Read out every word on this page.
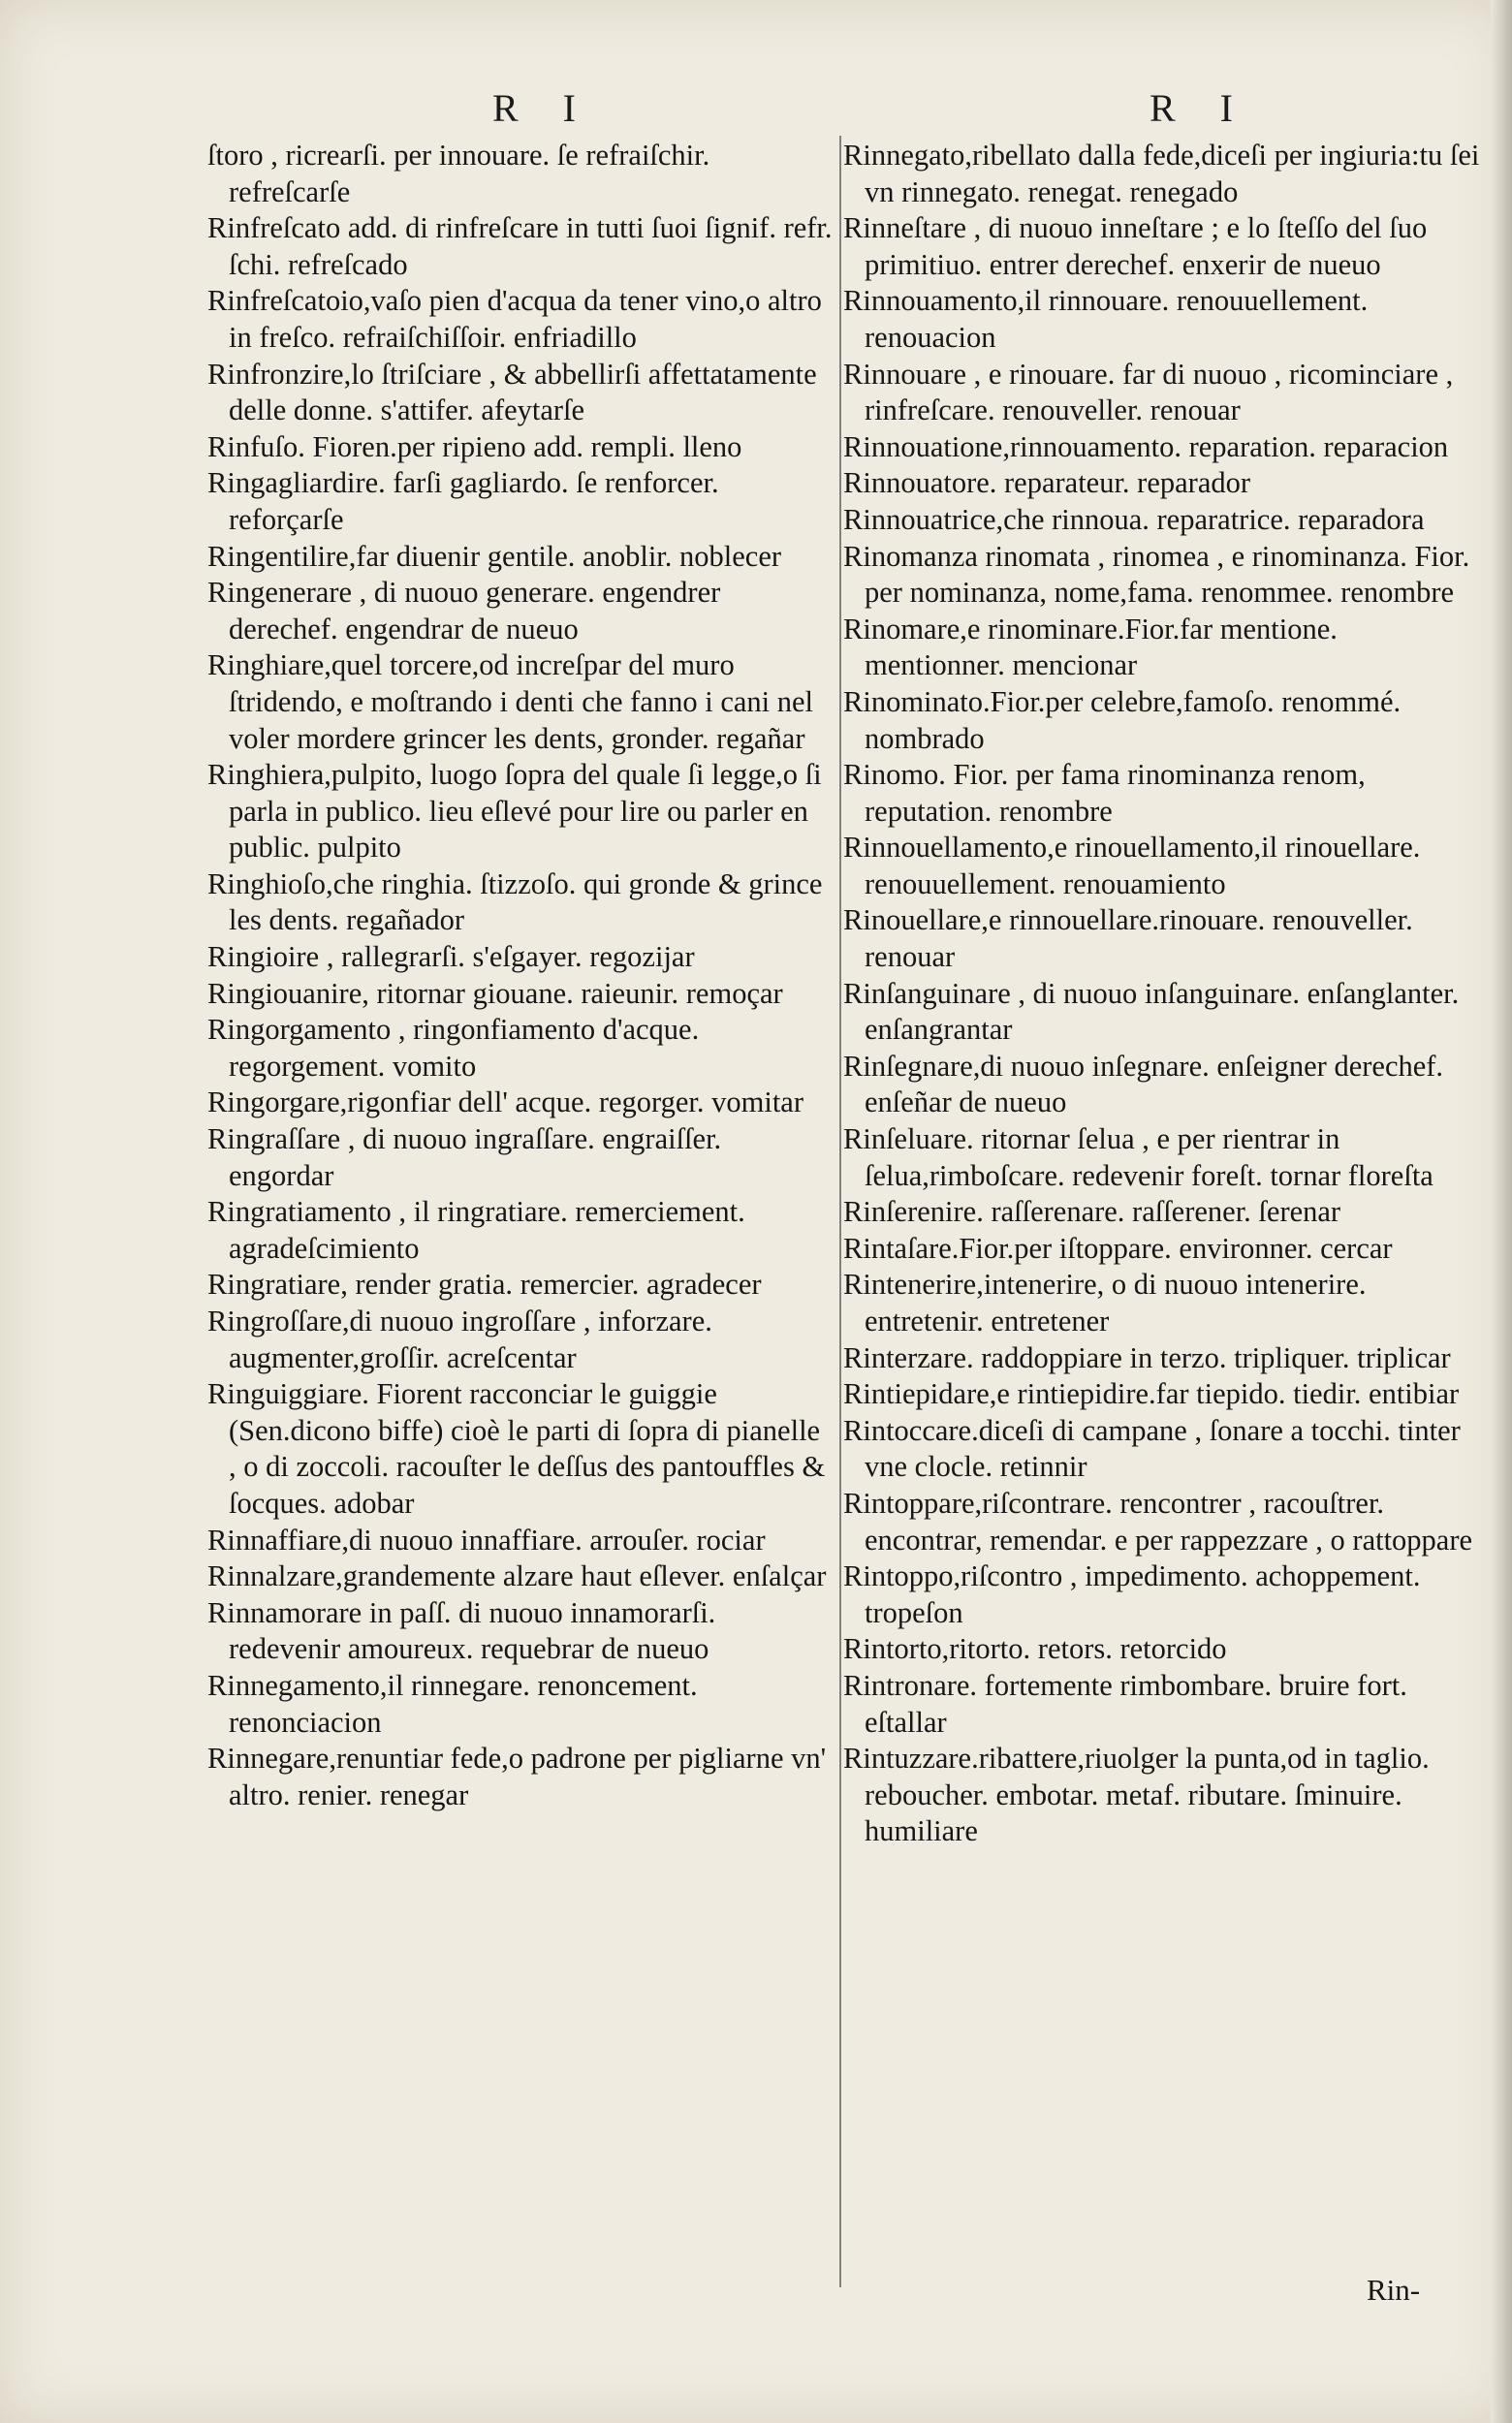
R I	R I

ſtoro , ricrearſi. per innouare. ſe refraiſchir. refreſcarſe

Rinfreſcato add. di rinfreſcare in tutti ſuoi ſignif. refr. ſchi. refreſcado

Rinfreſcatoio,vaſo pien d'acqua da tener vino,o altro in freſco. refraiſchiſſoir. enfriadillo

Rinfronzire,lo ſtriſciare , & abbellirſi affettatamente delle donne. s'attifer. afeytarſe

Rinfuſo. Fioren.per ripieno add. rempli. lleno

Ringagliardire. farſi gagliardo. ſe renforcer. reforçarſe

Ringentilire,far diuenir gentile. anoblir. noblecer

Ringenerare , di nuouo generare. engendrer derechef. engendrar de nueuo

Ringhiare,quel torcere,od increſpar del muro ſtridendo, e moſtrando i denti che fanno i cani nel voler mordere grincer les dents, gronder. regañar

Ringhiera,pulpito, luogo ſopra del quale ſi legge,o ſi parla in publico. lieu eſlevé pour lire ou parler en public. pulpito

Ringhioſo,che ringhia. ſtizzoſo. qui gronde & grince les dents. regañador

Ringioire , rallegrarſi. s'eſgayer. regozijar

Ringiouanire, ritornar giouane. raieunir. remoçar

Ringorgamento , ringonfiamento d'acque. regorgement. vomito

Ringorgare,rigonfiar dell' acque. regorger. vomitar

Ringraſſare , di nuouo ingraſſare. engraiſſer. engordar

Ringratiamento , il ringratiare. remerciement. agradeſcimiento

Ringratiare, render gratia. remercier. agradecer

Ringroſſare,di nuouo ingroſſare , inforzare. augmenter,groſſir. acreſcentar

Ringuiggiare. Fiorent racconciar le guiggie (Sen.dicono biffe) cioè le parti di ſopra di pianelle , o di zoccoli. racouſter le deſſus des pantouffles & ſocques. adobar

Rinnaffiare,di nuouo innaffiare. arrouſer. rociar

Rinnalzare,grandemente alzare haut eſlever. enſalçar

Rinnamorare in paſſ. di nuouo innamorarſi. redevenir amoureux. requebrar de nueuo

Rinnegamento,il rinnegare. renoncement. renonciacion

Rinnegare,renuntiar fede,o padrone per pigliarne vn' altro. renier. renegar

Rinnegato,ribellato dalla fede,diceſi per ingiuria:tu ſei vn rinnegato. renegat. renegado

Rinneſtare , di nuouo inneſtare ; e lo ſteſſo del ſuo primitiuo. entrer derechef. enxerir de nueuo

Rinnouamento,il rinnouare. renouuellement. renouacion

Rinnouare , e rinouare. far di nuouo , ricominciare , rinfreſcare. renouveller. renouar

Rinnouatione,rinnouamento. reparation. reparacion

Rinnouatore. reparateur. reparador

Rinnouatrice,che rinnoua. reparatrice. reparadora

Rinomanza rinomata , rinomea , e rinominanza. Fior. per nominanza, nome,fama. renommee. renombre

Rinomare,e rinominare.Fior.far mentione. mentionner. mencionar

Rinominato.Fior.per celebre,famoſo. renommé. nombrado

Rinomo. Fior. per fama rinominanza renom, reputation. renombre

Rinnouellamento,e rinouellamento,il rinouellare. renouuellement. renouamiento

Rinouellare,e rinnouellare.rinouare. renouveller. renouar

Rinſanguinare , di nuouo inſanguinare. enſanglanter. enſangrantar

Rinſegnare,di nuouo inſegnare. enſeigner derechef. enſeñar de nueuo

Rinſeluare. ritornar ſelua , e per rientrar in ſelua,rimboſcare. redevenir foreſt. tornar floreſta

Rinſerenire. raſſerenare. raſſerener. ſerenar

Rintaſare.Fior.per iſtoppare. environner. cercar

Rintenerire,intenerire, o di nuouo intenerire. entretenir. entretener

Rinterzare. raddoppiare in terzo. tripliquer. triplicar

Rintiepidare,e rintiepidire.far tiepido. tiedir. entibiar

Rintoccare.diceſi di campane , ſonare a tocchi. tinter vne clocle. retinnir

Rintoppare,riſcontrare. rencontrer , racouſtrer. encontrar, remendar. e per rappezzare , o rattoppare

Rintoppo,riſcontro , impedimento. achoppement. tropeſon

Rintorto,ritorto. retors. retorcido

Rintronare. fortemente rimbombare. bruire fort. eſtallar

Rintuzzare.ribattere,riuolger la punta,od in taglio. reboucher. embotar. metaf. ributare. ſminuire. humiliare

Rin-
